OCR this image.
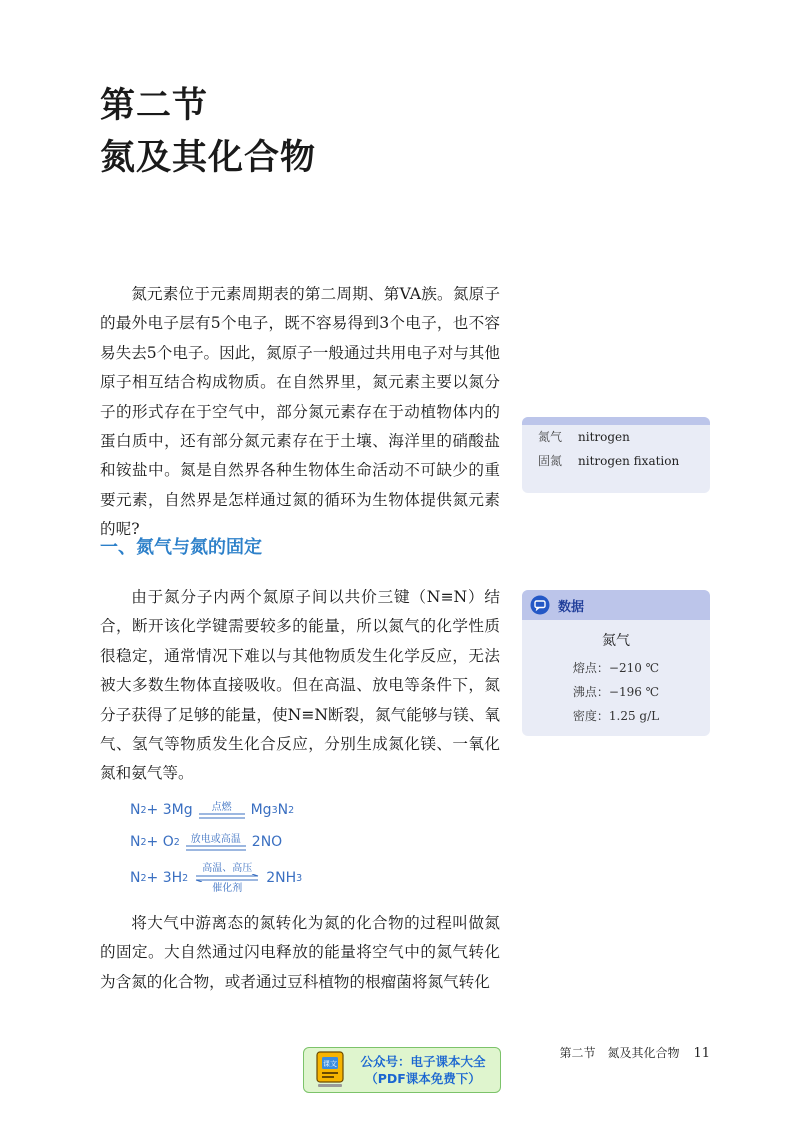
第二节
氮及其化合物

氮元素位于元素周期表的第二周期、第VA族。氮原子的最外电子层有5个电子，既不容易得到3个电子，也不容易失去5个电子。因此，氮原子一般通过共用电子对与其他原子相互结合构成物质。在自然界里，氮元素主要以氮分子的形式存在于空气中，部分氮元素存在于动植物体内的蛋白质中，还有部分氮元素存在于土壤、海洋里的硝酸盐和铵盐中。氮是自然界各种生物体生命活动不可缺少的重要元素，自然界是怎样通过氮的循环为生物体提供氮元素的呢?

一、氮气与氮的固定

由于氮分子内两个氮原子间以共价三键（N≡N）结合，断开该化学键需要较多的能量，所以氮气的化学性质很稳定，通常情况下难以与其他物质发生化学反应，无法被大多数生物体直接吸收。但在高温、放电等条件下，氮分子获得了足够的能量，使N≡N断裂，氮气能够与镁、氧气、氢气等物质发生化合反应，分别生成氮化镁、一氧化氮和氨气等。

N 2 + 3Mg	点燃	Mg 3 N 2
N 2 + O 2	放电或高温 2NO
N 2 + 3H 2
高温、高压
催化剂
2NH 3

将大气中游离态的氮转化为氮的化合物的过程叫做氮的固定。大自然通过闪电释放的能量将空气中的氮气转化为含氮的化合物，或者通过豆科植物的根瘤菌将氮气转化

氮气	nitrogen
固氮	nitrogen fixation
数据
氮气
熔点：−210 ℃
沸点：−196 ℃
密度：1.25 g/L
第二节　氮及其化合物 11
课文	公众号：电子课本大全
（PDF课本免费下）
